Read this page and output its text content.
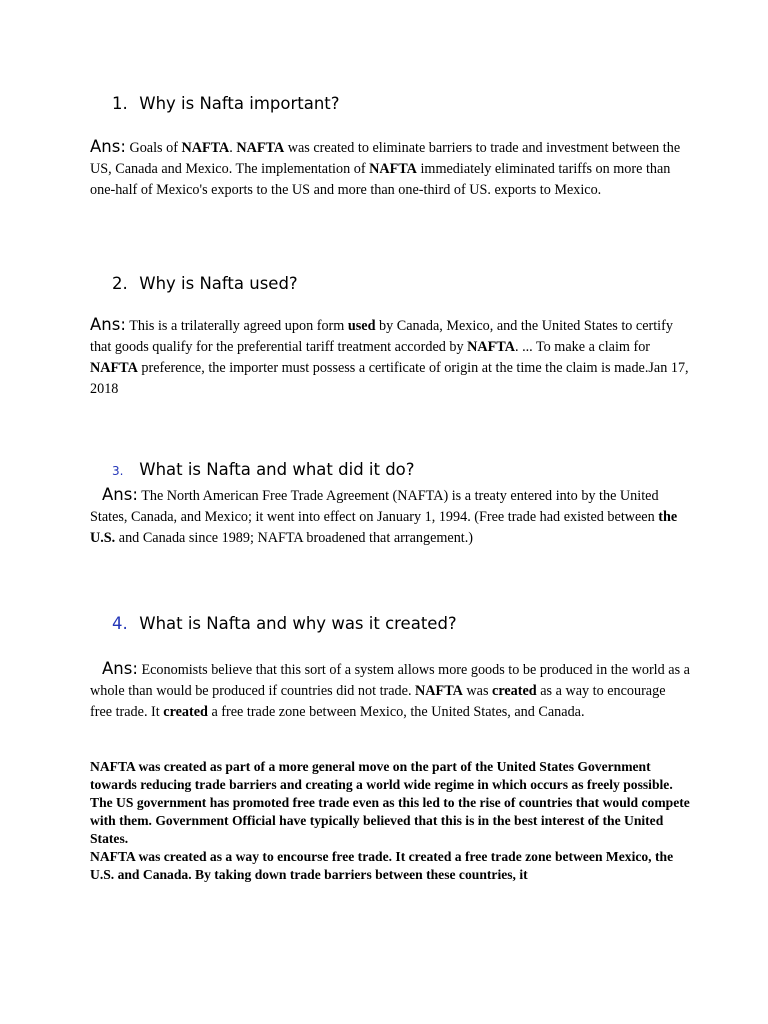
1. Why is Nafta important?
Ans: Goals of NAFTA. NAFTA was created to eliminate barriers to trade and investment between the US, Canada and Mexico. The implementation of NAFTA immediately eliminated tariffs on more than one-half of Mexico's exports to the US and more than one-third of US. exports to Mexico.
2. Why is Nafta used?
Ans: This is a trilaterally agreed upon form used by Canada, Mexico, and the United States to certify that goods qualify for the preferential tariff treatment accorded by NAFTA. ... To make a claim for NAFTA preference, the importer must possess a certificate of origin at the time the claim is made.Jan 17, 2018
3. What is Nafta and what did it do?
Ans: The North American Free Trade Agreement (NAFTA) is a treaty entered into by the United States, Canada, and Mexico; it went into effect on January 1, 1994. (Free trade had existed between the U.S. and Canada since 1989; NAFTA broadened that arrangement.)
4. What is Nafta and why was it created?
Ans: Economists believe that this sort of a system allows more goods to be produced in the world as a whole than would be produced if countries did not trade. NAFTA was created as a way to encourage free trade. It created a free trade zone between Mexico, the United States, and Canada.

NAFTA was created as part of a more general move on the part of the United States Government towards reducing trade barriers and creating a world wide regime in which occurs as freely possible.

The US government has promoted free trade even as this led to the rise of countries that would compete with them. Government Official have typically believed that this is in the best interest of the United States.

NAFTA was created as a way to encourse free trade. It created a free trade zone between Mexico, the U.S. and Canada. By taking down trade barriers between these countries, it
